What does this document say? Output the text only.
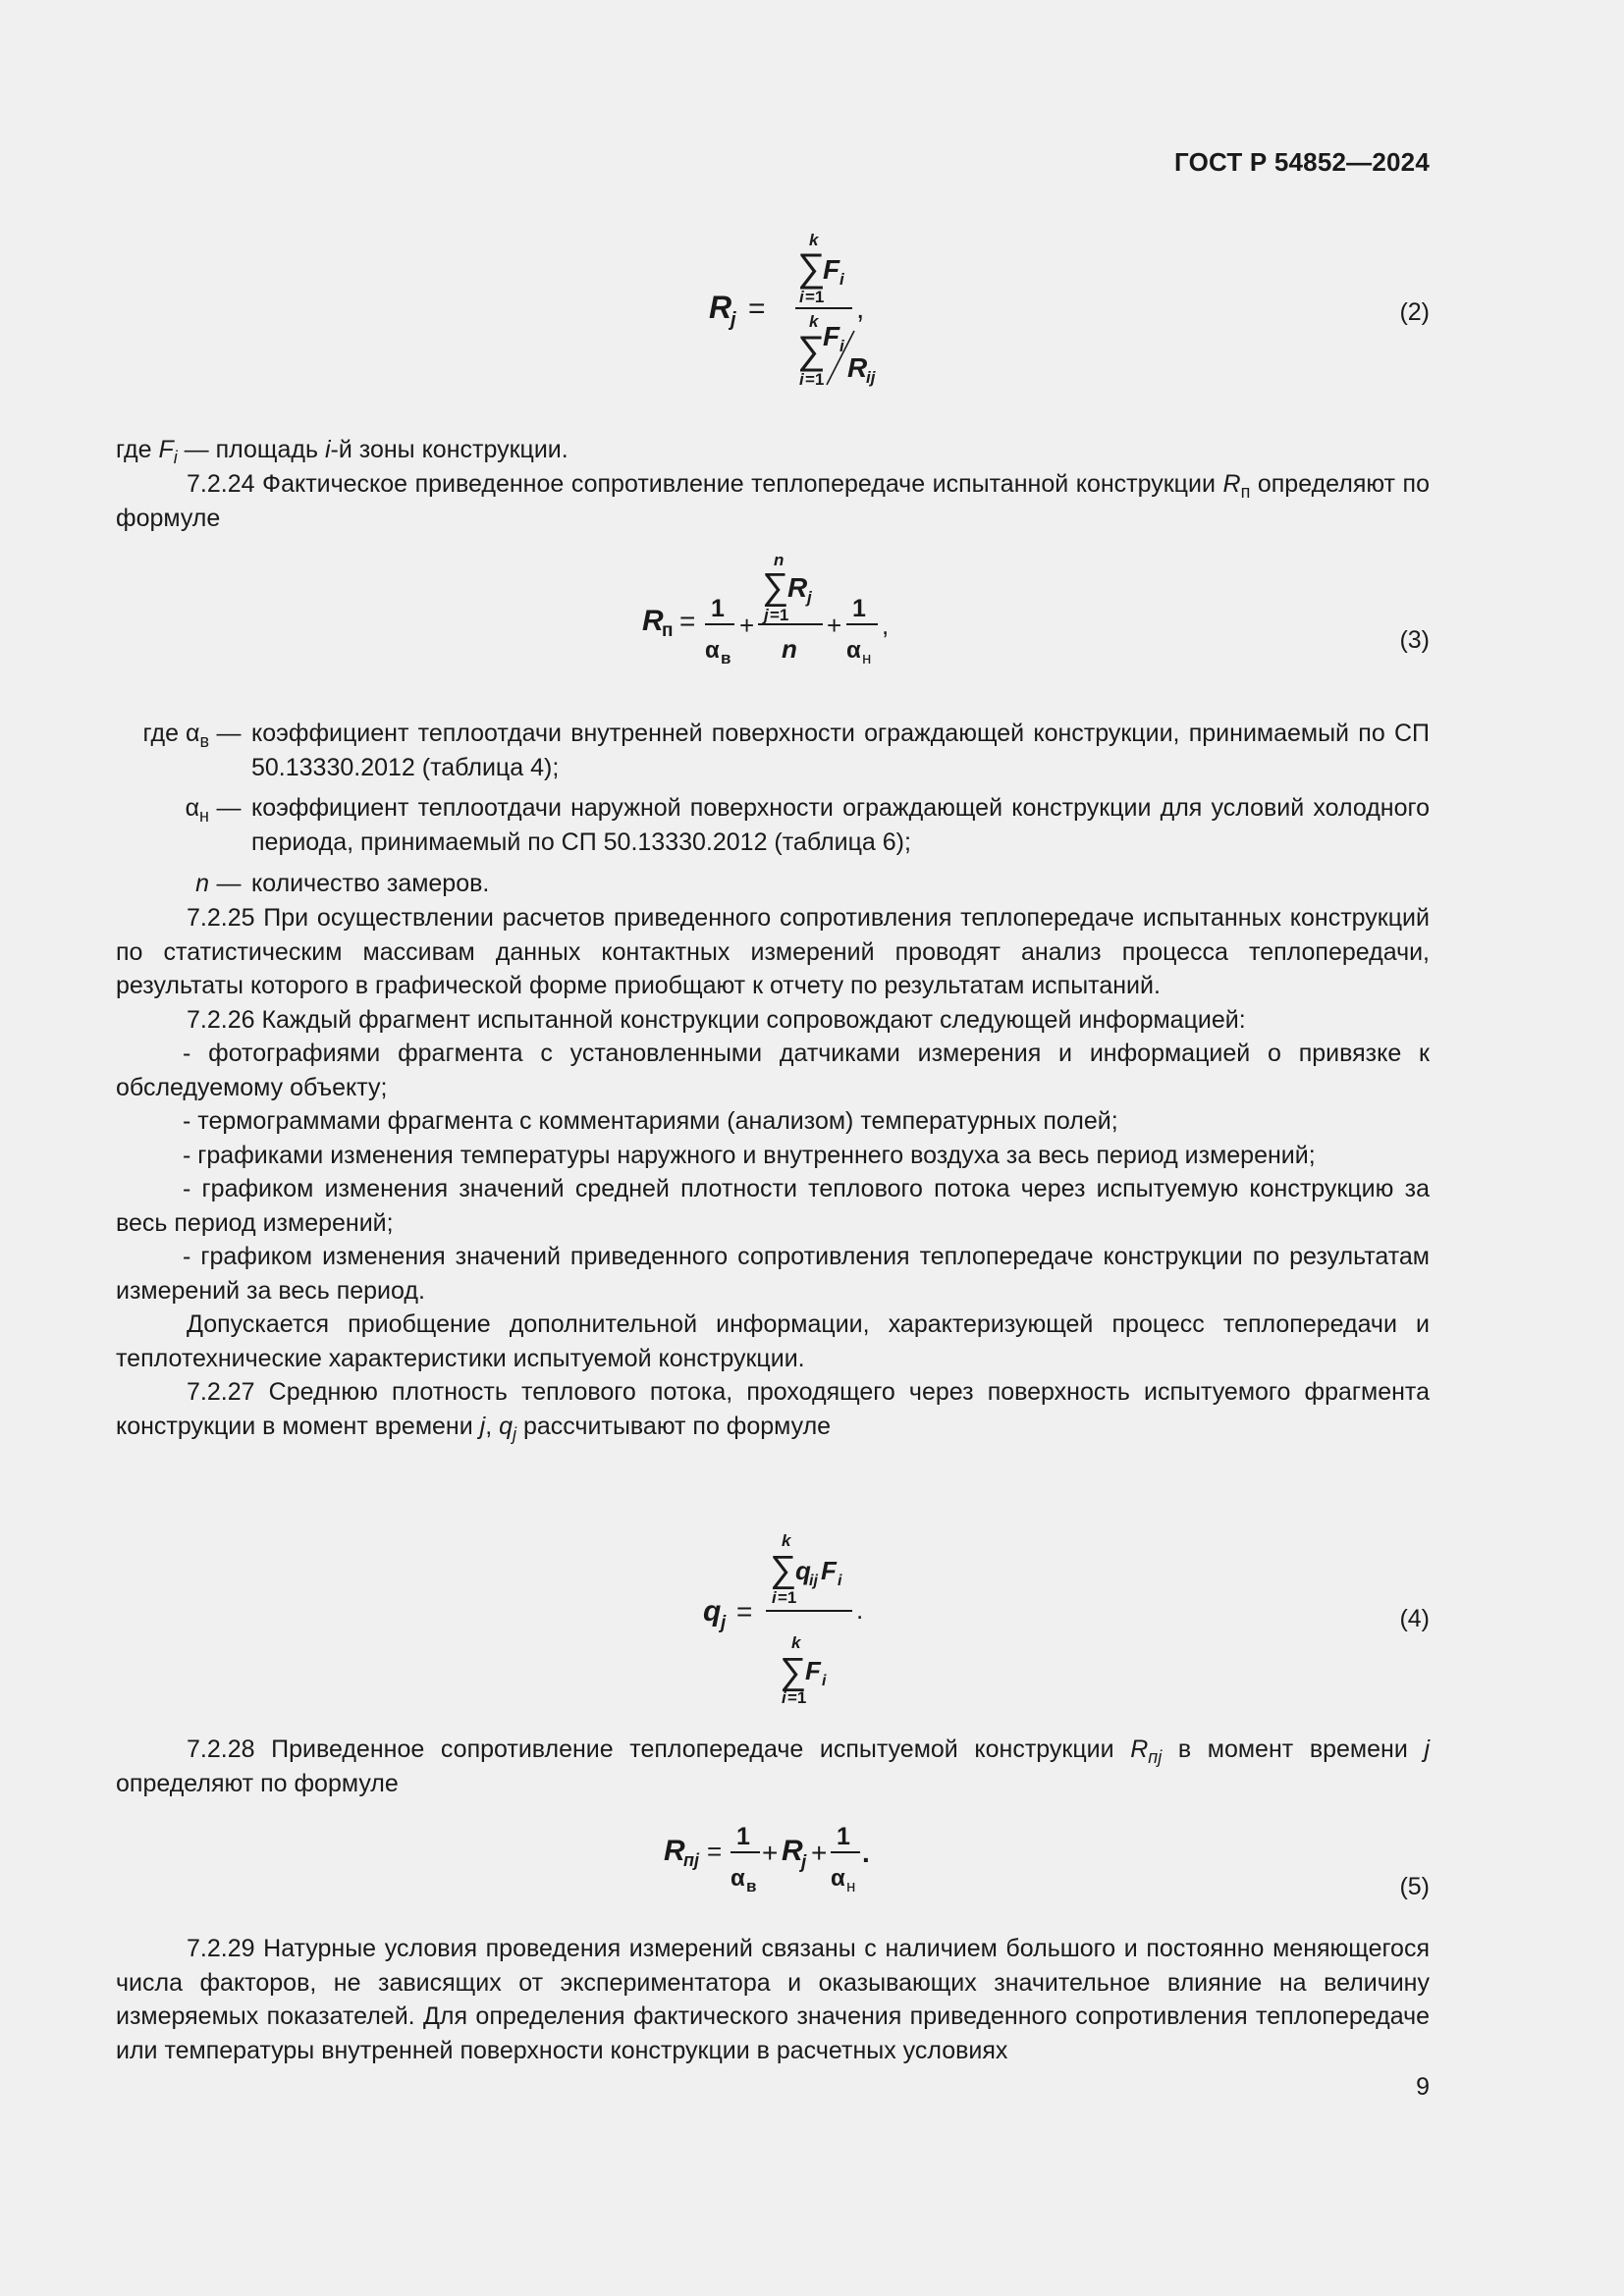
ГОСТ Р 54852—2024
k
∑
F i
i =1
k
∑
F i
R
ij
i =1
R
j =	,	(2)

где $F_i$ — площадь i-й зоны конструкции.

7.2.24 Фактическое приведенное сопротивление теплопередаче испытанной конструкции $R_п$ определяют по формуле

R
п = 1
α в
+
n
∑
R j
j =1
n
+
1
α н
,	(3)
где $\alpha_в$ — коэффициент теплоотдачи внутренней поверхности ограждающей конструкции, принимаемый по СП 50.13330.2012 (таблица 4);
$\alpha_н$ — коэффициент теплоотдачи наружной поверхности ограждающей конструкции для условий холодного периода, принимаемый по СП 50.13330.2012 (таблица 6);
n — количество замеров.

7.2.25 При осуществлении расчетов приведенного сопротивления теплопередаче испытанных конструкций по статистическим массивам данных контактных измерений проводят анализ процесса теплопередачи, результаты которого в графической форме приобщают к отчету по результатам испытаний.

7.2.26 Каждый фрагмент испытанной конструкции сопровождают следующей информацией:

- фотографиями фрагмента с установленными датчиками измерения и информацией о привязке к обследуемому объекту;

- термограммами фрагмента с комментариями (анализом) температурных полей;

- графиками изменения температуры наружного и внутреннего воздуха за весь период измерений;

- графиком изменения значений средней плотности теплового потока через испытуемую конструкцию за весь период измерений;

- графиком изменения значений приведенного сопротивления теплопередаче конструкции по результатам измерений за весь период.

Допускается приобщение дополнительной информации, характеризующей процесс теплопередачи и теплотехнические характеристики испытуемой конструкции.

7.2.27 Среднюю плотность теплового потока, проходящего через поверхность испытуемого фрагмента конструкции в момент времени j, $q_j$ рассчитывают по формуле

q j =
k
∑
q
ij F i
i =1 .
k
∑
F i
i =1
(4)

7.2.28 Приведенное сопротивление теплопередаче испытуемой конструкции $R_{пj}$ в момент времени j определяют по формуле

R
пj = 1
α в
+ R
j +
1
α н
.
(5)

7.2.29 Натурные условия проведения измерений связаны с наличием большого и постоянно меняющегося числа факторов, не зависящих от экспериментатора и оказывающих значительное влияние на величину измеряемых показателей. Для определения фактического значения приведенного сопротивления теплопередаче или температуры внутренней поверхности конструкции в расчетных условиях

9
